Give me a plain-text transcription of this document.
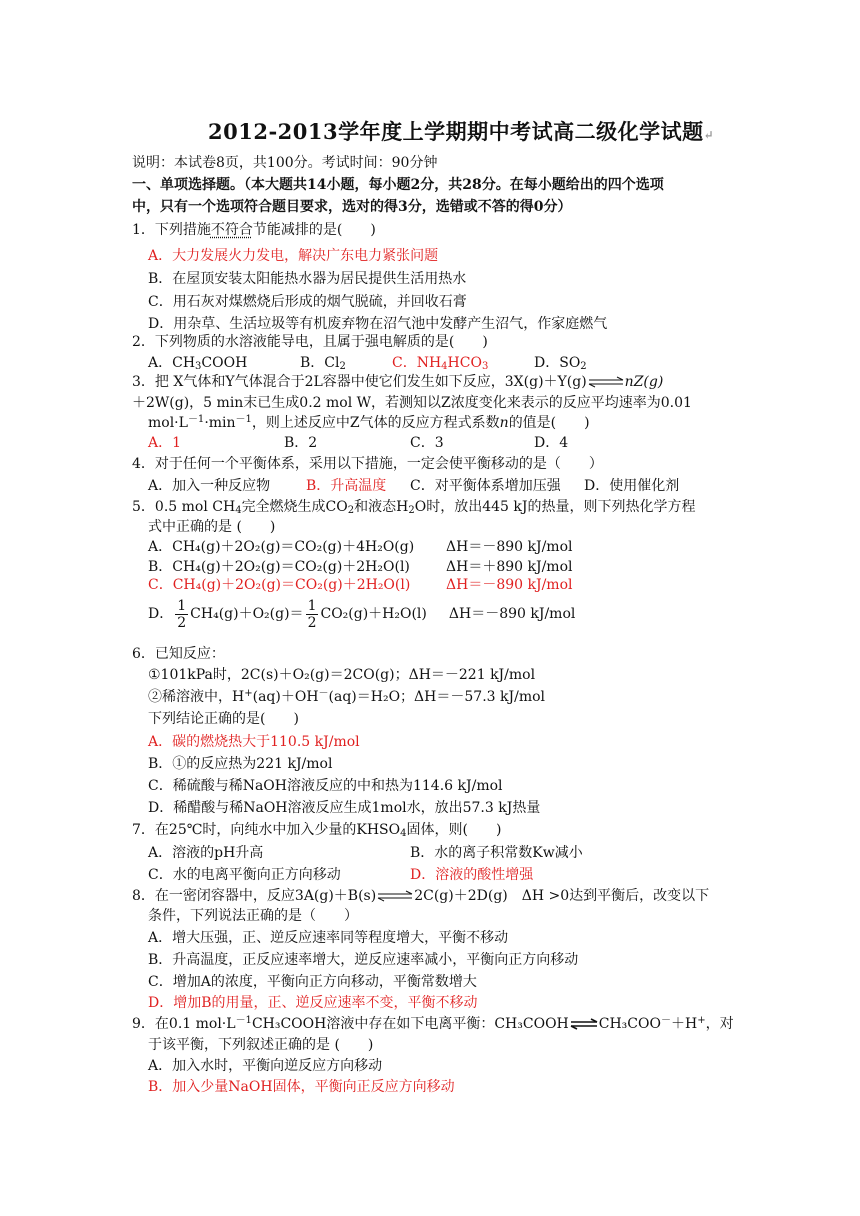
2012-2013学年度上学期期中考试高二级化学试题↵
说明：本试卷8页，共100分。考试时间：90分钟
一、单项选择题。（本大题共14小题，每小题2分，共28分。在每小题给出的四个选项
中，只有一个选项符合题目要求，选对的得3分，选错或不答的得0分）
1．下列措施不符合节能减排的是(　　)
A．大力发展火力发电，解决广东电力紧张问题
B．在屋顶安装太阳能热水器为居民提供生活用热水
C．用石灰对煤燃烧后形成的烟气脱硫，并回收石膏
D．用杂草、生活垃圾等有机废弃物在沼气池中发酵产生沼气，作家庭燃气
2．下列物质的水溶液能导电，且属于强电解质的是(　　)
A．$CH_3COOH$	B．$Cl_2$	C．$NH_4HCO_3$	D．$SO_2$
3．把 X气体和Y气体混合于2L容器中使它们发生如下反应，3X(g)＋Y(g)⇌nZ(g)
＋2W(g)，5 min末已生成0.2 mol W，若测知以Z浓度变化来表示的反应平均速率为0.01
$mol\cdot L^{-1}\cdot\min^{-1}$，则上述反应中Z气体的反应方程式系数n的值是(　　)
A．1	B．2	C．3	D．4
4．对于任何一个平衡体系，采用以下措施，一定会使平衡移动的是（　　）
A．加入一种反应物	B．升高温度 C．对平衡体系增加压强 D．使用催化剂
5．0.5 mol $CH_4$完全燃烧生成$CO_2$和液态$H_2O$时，放出445 kJ的热量，则下列热化学方程
式中正确的是 (　　)
A．CH₄(g)＋2O₂(g)＝CO₂(g)＋4H₂O(g) ΔH＝－890 kJ/mol
B．CH₄(g)＋2O₂(g)＝CO₂(g)＋2H₂O(l)	ΔH＝＋890 kJ/mol
C．CH₄(g)＋2O₂(g)＝CO₂(g)＋2H₂O(l)	ΔH＝－890 kJ/mol
D． $\frac{1}{2} CH_4(g)+O_2(g)= \frac{1}{2} CO_2(g)+H_2O(l)$ ΔH＝－890 kJ/mol
6．已知反应：
①101kPa时，2C(s)＋O₂(g)＝2CO(g)；ΔH＝－221 kJ/mol
②稀溶液中，H+(aq)＋OH－(aq)＝H₂O；ΔH＝－57.3 kJ/mol
下列结论正确的是(　　)
A．碳的燃烧热大于110.5 kJ/mol
B．①的反应热为221 kJ/mol
C．稀硫酸与稀NaOH溶液反应的中和热为114.6 kJ/mol
D．稀醋酸与稀NaOH溶液反应生成1mol水，放出57.3 kJ热量
7．在25℃时，向纯水中加入少量的$KHSO_4$固体，则(　　)
A．溶液的pH升高	B．水的离子积常数Kw减小
C．水的电离平衡向正方向移动	D．溶液的酸性增强
8．在一密闭容器中，反应3A(g)＋B(s)⇌2C(g)＋2D(g) ΔH >0达到平衡后，改变以下
条件，下列说法正确的是（　　）
A．增大压强，正、逆反应速率同等程度增大，平衡不移动
B．升高温度，正反应速率增大，逆反应速率减小，平衡向正方向移动
C．增加A的浓度，平衡向正方向移动，平衡常数增大
D．增加B的用量，正、逆反应速率不变，平衡不移动
9．在0.1 $mol\cdot L^{-1}CH_3COOH$溶液中存在如下电离平衡：CH₃COOH⇌CH₃COO－＋H+，对
于该平衡，下列叙述正确的是 (　　)
A．加入水时，平衡向逆反应方向移动
B．加入少量NaOH固体，平衡向正反应方向移动
